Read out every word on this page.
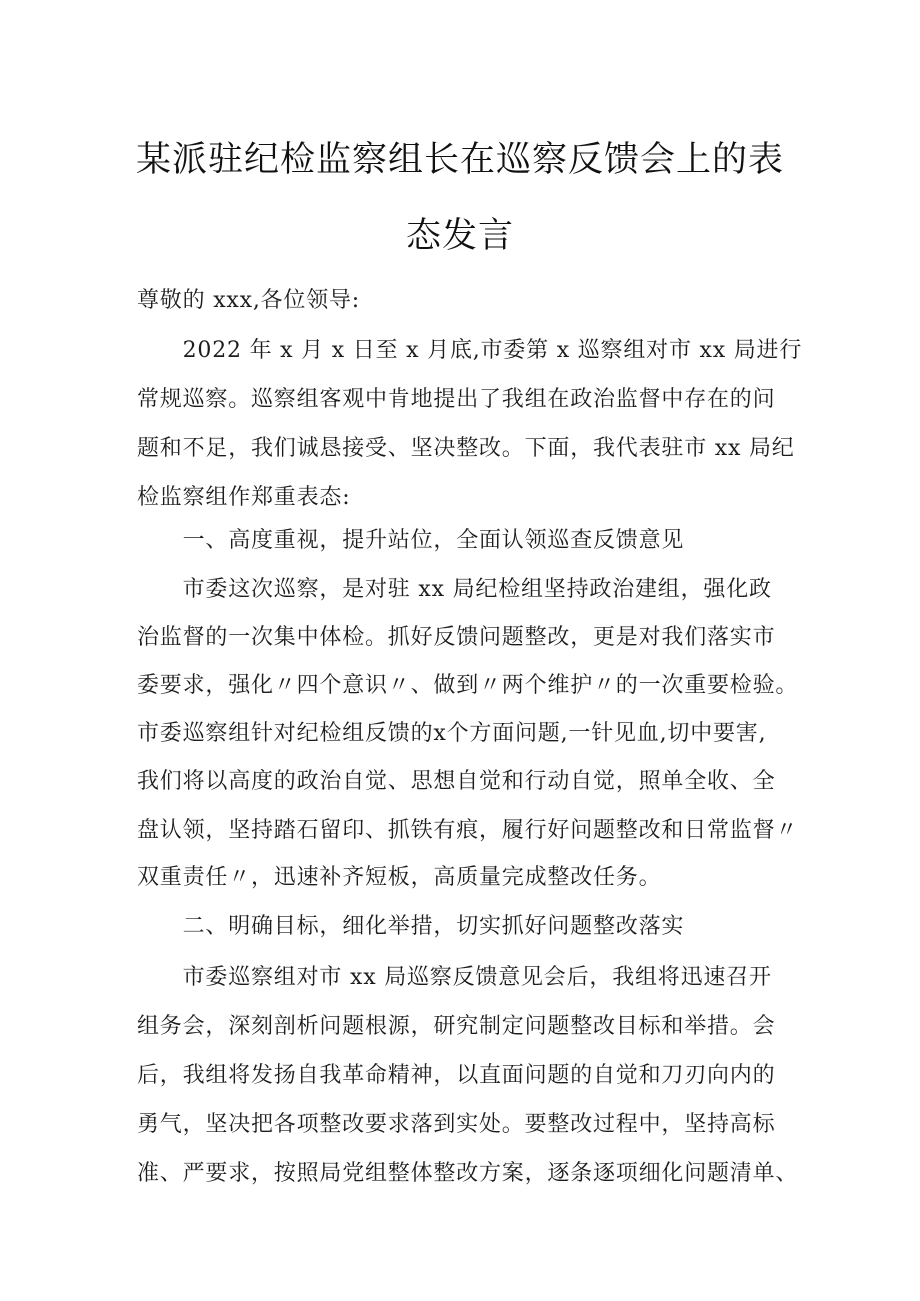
某派驻纪检监察组长在巡察反馈会上的表
态发言
尊敬的 xxx,各位领导:
　　2022 年 x 月 x 日至 x 月底,市委第 x 巡察组对市 xx 局进行
常规巡察。巡察组客观中肯地提出了我组在政治监督中存在的问
题和不足，我们诚恳接受、坚决整改。下面，我代表驻市 xx 局纪
检监察组作郑重表态:
　　一、高度重视，提升站位，全面认领巡查反馈意见
　　市委这次巡察，是对驻 xx 局纪检组坚持政治建组，强化政
治监督的一次集中体检。抓好反馈问题整改，更是对我们落实市
委要求，强化〃四个意识〃、做到〃两个维护〃的一次重要检验。
市委巡察组针对纪检组反馈的x个方面问题,一针见血,切中要害,
我们将以高度的政治自觉、思想自觉和行动自觉，照单全收、全
盘认领，坚持踏石留印、抓铁有痕，履行好问题整改和日常监督〃
双重责任〃，迅速补齐短板，高质量完成整改任务。
　　二、明确目标，细化举措，切实抓好问题整改落实
　　市委巡察组对市 xx 局巡察反馈意见会后，我组将迅速召开
组务会，深刻剖析问题根源，研究制定问题整改目标和举措。会
后，我组将发扬自我革命精神，以直面问题的自觉和刀刃向内的
勇气，坚决把各项整改要求落到实处。要整改过程中，坚持高标
准、严要求，按照局党组整体整改方案，逐条逐项细化问题清单、
